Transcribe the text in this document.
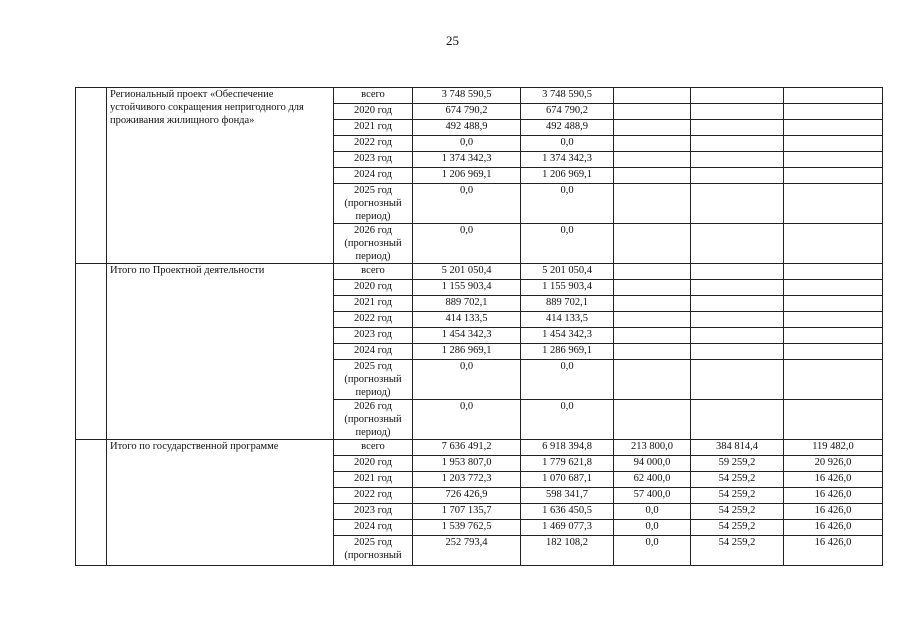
25
	Региональный проект «Обеспечение устойчивого сокращения непригодного для проживания жилищного фонда»	всего	3 748 590,5	3 748 590,5			
		2020 год	674 790,2	674 790,2			
		2021 год	492 488,9	492 488,9			
		2022 год	0,0	0,0			
		2023 год	1 374 342,3	1 374 342,3			
		2024 год	1 206 969,1	1 206 969,1			
		2025 год (прогнозный период)	0,0	0,0			
		2026 год (прогнозный период)	0,0	0,0			
	Итого по Проектной деятельности	всего	5 201 050,4	5 201 050,4			
		2020 год	1 155 903,4	1 155 903,4			
		2021 год	889 702,1	889 702,1			
		2022 год	414 133,5	414 133,5			
		2023 год	1 454 342,3	1 454 342,3			
		2024 год	1 286 969,1	1 286 969,1			
		2025 год (прогнозный период)	0,0	0,0			
		2026 год (прогнозный период)	0,0	0,0			
	Итого по государственной программе	всего	7 636 491,2	6 918 394,8	213 800,0	384 814,4	119 482,0
		2020 год	1 953 807,0	1 779 621,8	94 000,0	59 259,2	20 926,0
		2021 год	1 203 772,3	1 070 687,1	62 400,0	54 259,2	16 426,0
		2022 год	726 426,9	598 341,7	57 400,0	54 259,2	16 426,0
		2023 год	1 707 135,7	1 636 450,5	0,0	54 259,2	16 426,0
		2024 год	1 539 762,5	1 469 077,3	0,0	54 259,2	16 426,0
		2025 год (прогнозный	252 793,4	182 108,2	0,0	54 259,2	16 426,0
